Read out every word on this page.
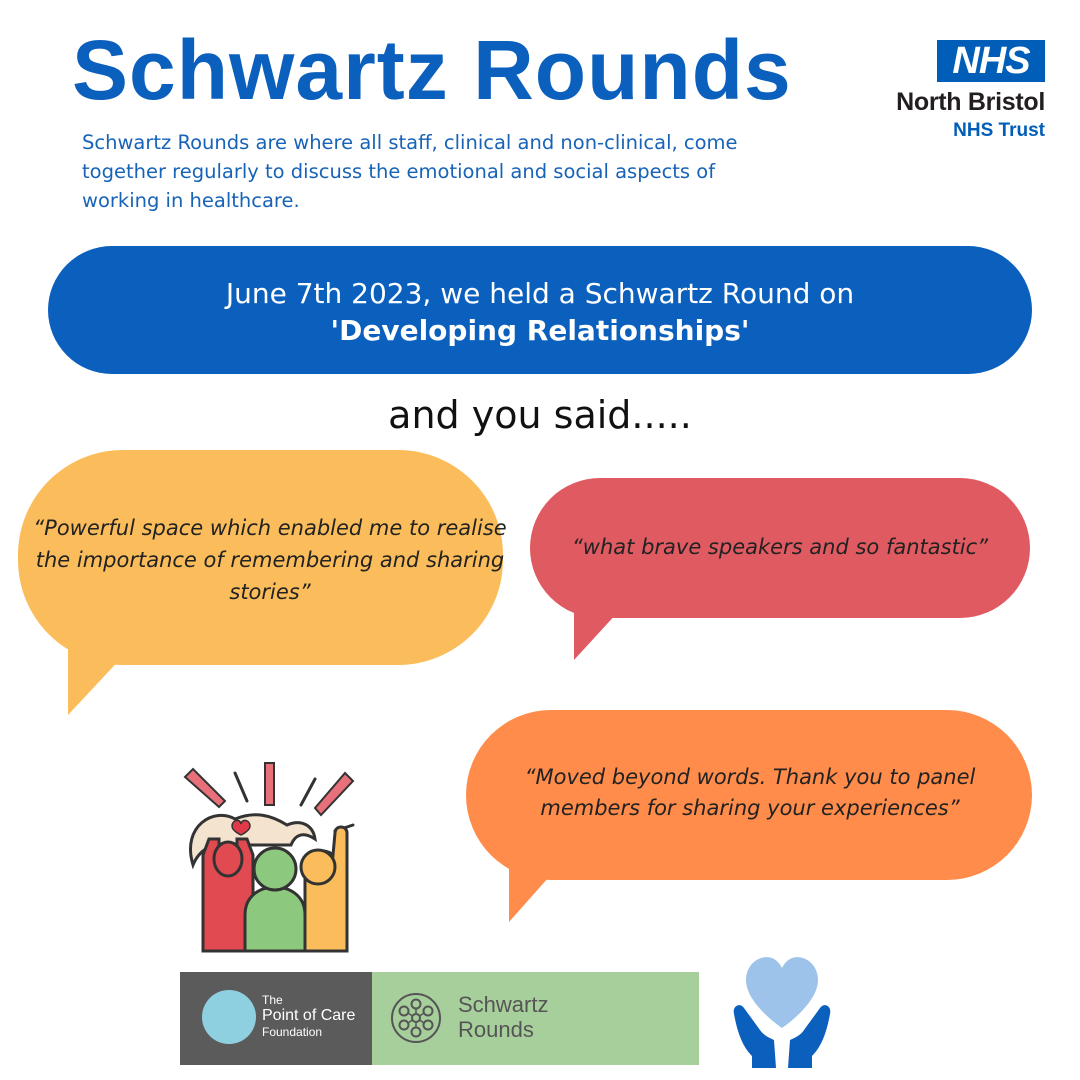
Schwartz Rounds

Schwartz Rounds are where all staff, clinical and non-clinical, come together regularly to discuss the emotional and social aspects of working in healthcare.

NHS
North Bristol
NHS Trust
June 7th 2023, we held a Schwartz Round on
'Developing Relationships'
and you said.....
“Powerful space which enabled me to realise the importance of remembering and sharing stories”
“what brave speakers and so fantastic”
“Moved beyond words. Thank you to panel members for sharing your experiences”
The
Point of Care
Foundation
Schwartz
Rounds
